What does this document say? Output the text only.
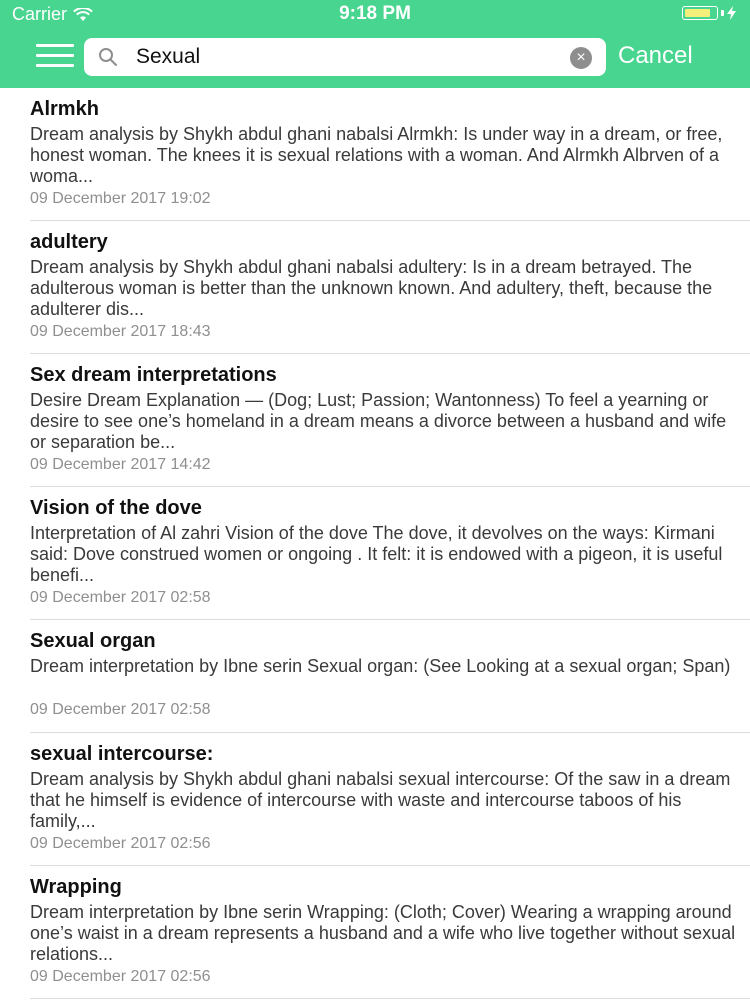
Carrier	9:18 PM
Sexual
× Cancel
Alrmkh
Dream analysis by Shykh abdul ghani nabalsi Alrmkh: Is under way in a dream, or free, honest woman. The knees it is sexual relations with a woman. And Alrmkh Albrven of a woma...
09 December 2017 19:02
adultery
Dream analysis by Shykh abdul ghani nabalsi adultery: Is in a dream betrayed. The adulterous woman is better than the unknown known. And adultery, theft, because the adulterer dis...
09 December 2017 18:43
Sex dream interpretations
Desire Dream Explanation — (Dog; Lust; Passion; Wantonness) To feel a yearning or desire to see one’s homeland in a dream means a divorce between a husband and wife or separation be...
09 December 2017 14:42
Vision of the dove
Interpretation of Al zahri Vision of the dove The dove, it devolves on the ways: Kirmani said: Dove construed women or ongoing . It felt: it is endowed with a pigeon, it is useful benefi...
09 December 2017 02:58
Sexual organ
Dream interpretation by Ibne serin Sexual organ: (See Looking at a sexual organ; Span)
09 December 2017 02:58
sexual intercourse:
Dream analysis by Shykh abdul ghani nabalsi sexual intercourse: Of the saw in a dream that he himself is evidence of intercourse with waste and intercourse taboos of his family,...
09 December 2017 02:56
Wrapping
Dream interpretation by Ibne serin Wrapping: (Cloth; Cover) Wearing a wrapping around one’s waist in a dream represents a husband and a wife who live together without sexual relations...
09 December 2017 02:56
